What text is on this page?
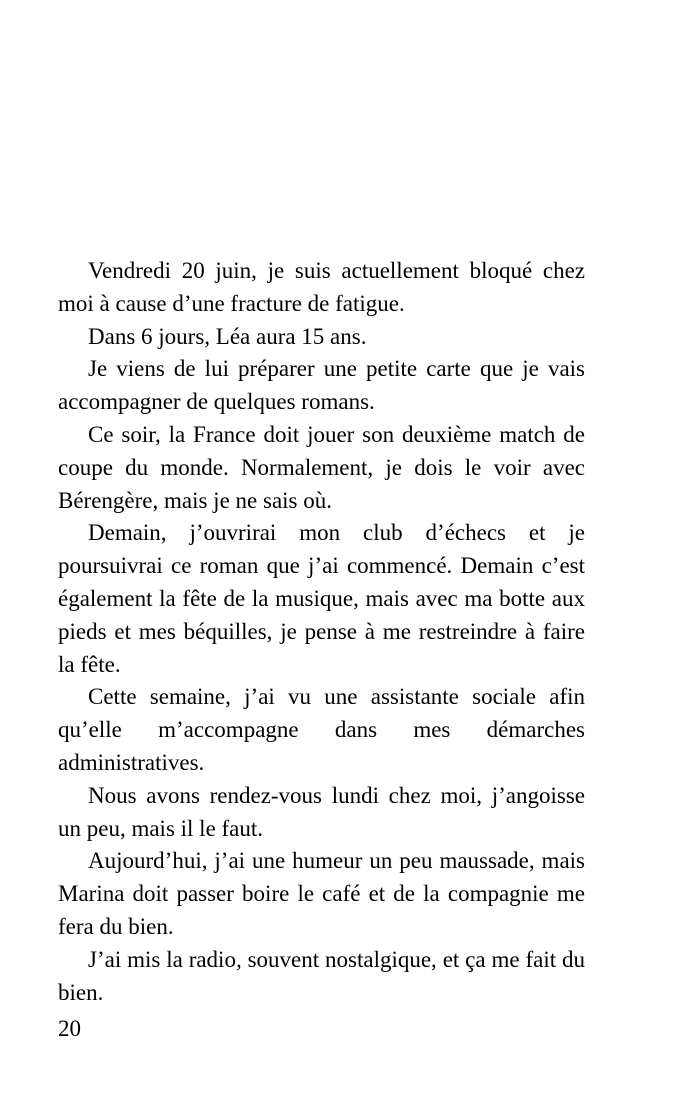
Vendredi 20 juin, je suis actuellement bloqué chez moi à cause d’une fracture de fatigue.

Dans 6 jours, Léa aura 15 ans.

Je viens de lui préparer une petite carte que je vais accompagner de quelques romans.

Ce soir, la France doit jouer son deuxième match de coupe du monde. Normalement, je dois le voir avec Bérengère, mais je ne sais où.

Demain, j’ouvrirai mon club d’échecs et je poursuivrai ce roman que j’ai commencé. Demain c’est également la fête de la musique, mais avec ma botte aux pieds et mes béquilles, je pense à me restreindre à faire la fête.

Cette semaine, j’ai vu une assistante sociale afin qu’elle m’accompagne dans mes démarches administratives.

Nous avons rendez-vous lundi chez moi, j’angoisse un peu, mais il le faut.

Aujourd’hui, j’ai une humeur un peu maussade, mais Marina doit passer boire le café et de la compagnie me fera du bien.

J’ai mis la radio, souvent nostalgique, et ça me fait du bien.

20
